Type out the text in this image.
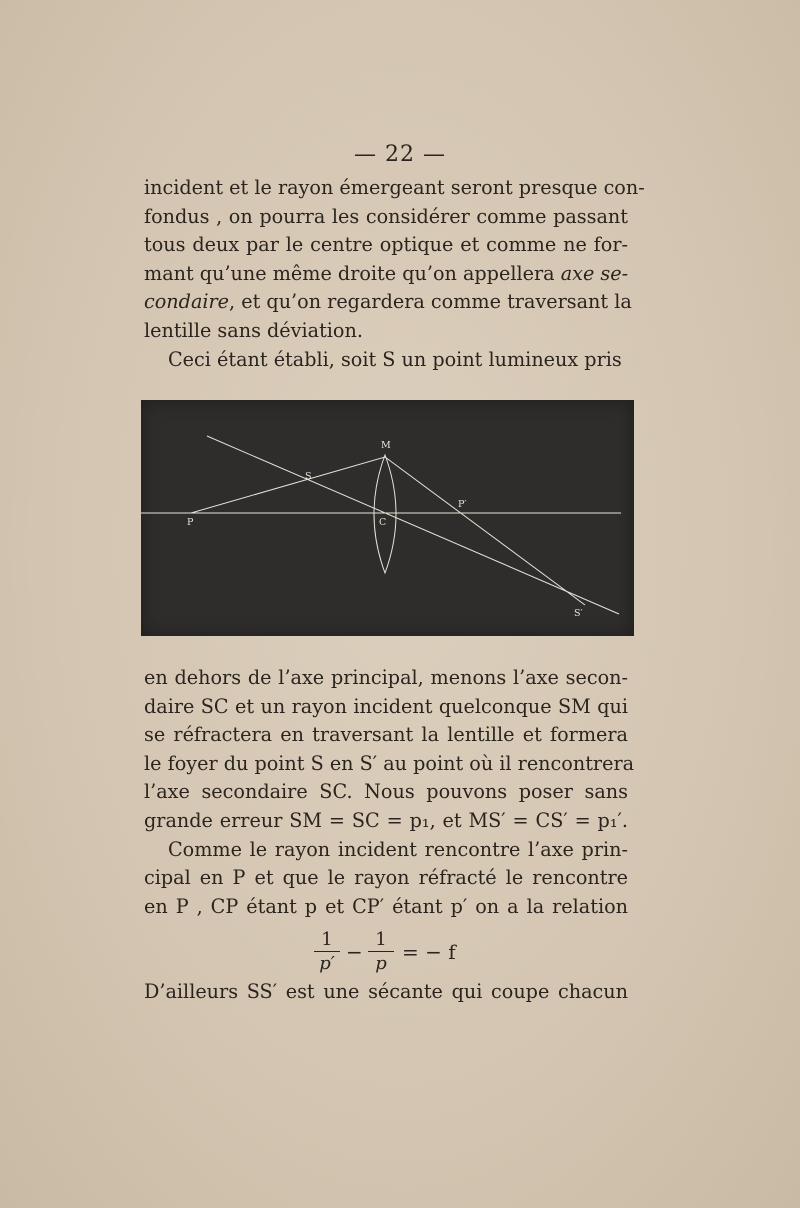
— 22 —
incident et le rayon émergeant seront presque con-
fondus , on pourra les considérer comme passant
tous deux par le centre optique et comme ne for-
mant qu’une même droite qu’on appellera axe se-
condaire, et qu’on regardera comme traversant la
lentille sans déviation.
Ceci étant établi, soit S un point lumineux pris
M
S
P	C
P′
S′
en dehors de l’axe principal, menons l’axe secon-
daire SC et un rayon incident quelconque SM qui
se réfractera en traversant la lentille et formera
le foyer du point S en S′ au point où il rencontrera
l’axe secondaire SC. Nous pouvons poser sans
grande erreur SM = SC = p₁, et MS′ = CS′ = p₁′.
Comme le rayon incident rencontre l’axe prin-
cipal en P et que le rayon réfracté le rencontre
en P , CP étant p et CP′ étant p′ on a la relation
1
p′ −
1
p = − f
D’ailleurs SS′ est une sécante qui coupe chacun
